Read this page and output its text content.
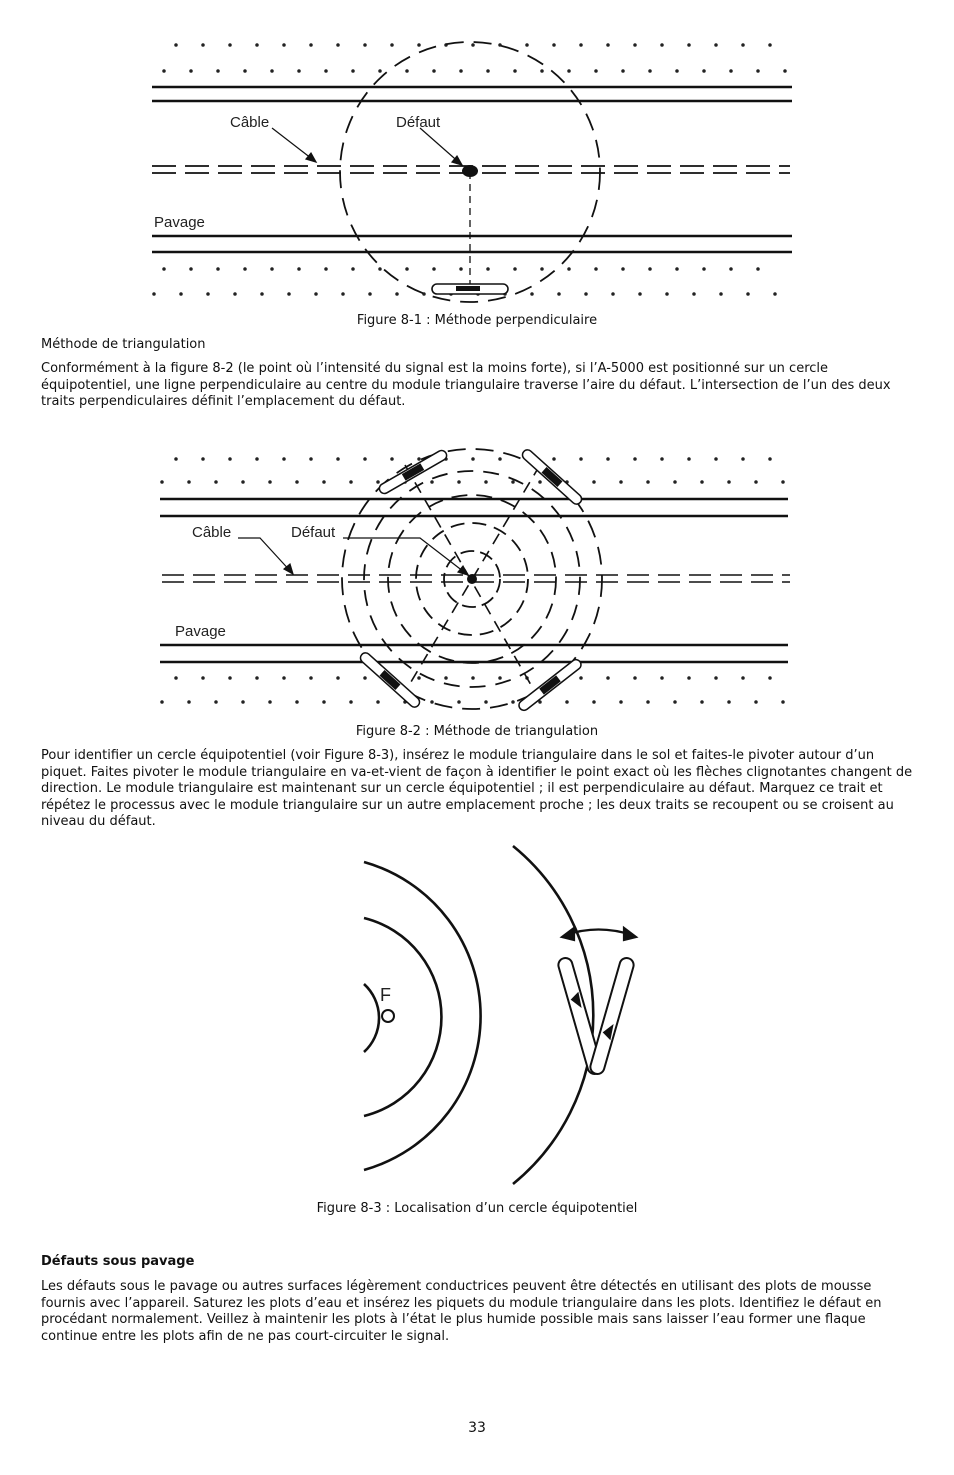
Câble	Défaut
Pavage
Figure 8-1 : Méthode perpendiculaire

Méthode de triangulation

Conformément à la figure 8-2 (le point où l’intensité du signal est la moins forte), si l’A-5000 est positionné sur un cercle équipotentiel, une ligne perpendiculaire au centre du module triangulaire traverse l’aire du défaut. L’intersection de l’un des deux traits perpendiculaires définit l’emplacement du défaut.

Câble	Défaut
Pavage
Figure 8-2 : Méthode de triangulation

Pour identifier un cercle équipotentiel (voir Figure 8-3), insérez le module triangulaire dans le sol et faites-le pivoter autour d’un piquet. Faites pivoter le module triangulaire en va-et-vient de façon à identifier le point exact où les flèches clignotantes changent de direction. Le module triangulaire est maintenant sur un cercle équipotentiel ; il est perpendiculaire au défaut. Marquez ce trait et répétez le processus avec le module triangulaire sur un autre emplacement proche ; les deux traits se recoupent ou se croisent au niveau du défaut.

F
Figure 8-3 : Localisation d’un cercle équipotentiel

Défauts sous pavage

Les défauts sous le pavage ou autres surfaces légèrement conductrices peuvent être détectés en utilisant des plots de mousse fournis avec l’appareil. Saturez les plots d’eau et insérez les piquets du module triangulaire dans les plots. Identifiez le défaut en procédant normalement. Veillez à maintenir les plots à l’état le plus humide possible mais sans laisser l’eau former une flaque continue entre les plots afin de ne pas court-circuiter le signal.

33
